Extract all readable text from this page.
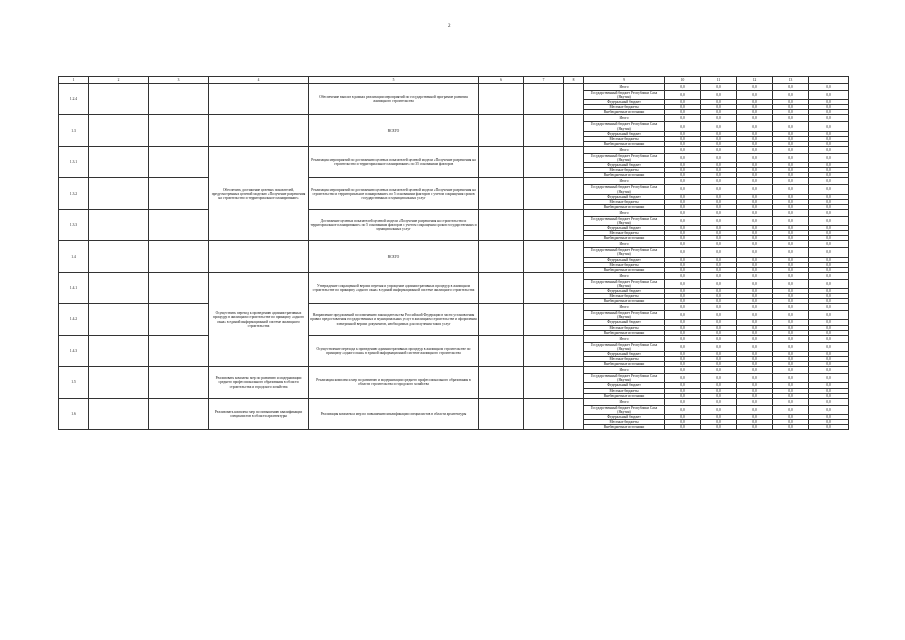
2
1	2	3	4	5	6	7	8	9	10	11	12	13	
1.2.4				Обеспечение выплат в рамках реализации мероприятий по государственной программе развития жилищного строительства				Итого	0,0	0,0	0,0	0,0	0,0
								Государственный бюджет Республики Саха (Якутия)	0,0	0,0	0,0	0,0	0,0
								Федеральный бюджет	0,0	0,0	0,0	0,0	0,0
								Местные бюджеты	0,0	0,0	0,0	0,0	0,0
								Внебюджетные источники	0,0	0,0	0,0	0,0	0,0
1.3				ВСЕГО				Итого	0,0	0,0	0,0	0,0	0,0
								Государственный бюджет Республики Саха (Якутия)	0,0	0,0	0,0	0,0	0,0
								Федеральный бюджет	0,0	0,0	0,0	0,0	0,0
								Местные бюджеты	0,0	0,0	0,0	0,0	0,0
								Внебюджетные источники	0,0	0,0	0,0	0,0	0,0
1.3.1			Обеспечить достижение целевых показателей, предусмотренных целевой моделью «Получение разрешения на строительство и территориальное планирование»	Реализация мероприятий по достижению целевых показателей целевой модели «Получение разрешения на строительство и территориальное планирование» по 35 основаниям факторов				Итого	0,0	0,0	0,0	0,0	0,0
								Государственный бюджет Республики Саха (Якутия)	0,0	0,0	0,0	0,0	0,0
								Федеральный бюджет	0,0	0,0	0,0	0,0	0,0
								Местные бюджеты	0,0	0,0	0,0	0,0	0,0
								Внебюджетные источники	0,0	0,0	0,0	0,0	0,0
1.3.2				Реализация мероприятий по достижению целевых показателей целевой модели «Получение разрешения на строительство и территориальное планирование» по 5 основаниям факторов с учетом сокращения сроков государственных и муниципальных услуг				Итого	0,0	0,0	0,0	0,0	0,0
								Государственный бюджет Республики Саха (Якутия)	0,0	0,0	0,0	0,0	0,0
								Федеральный бюджет	0,0	0,0	0,0	0,0	0,0
								Местные бюджеты	0,0	0,0	0,0	0,0	0,0
								Внебюджетные источники	0,0	0,0	0,0	0,0	0,0
1.3.3				Достижение целевых показателей целевой модели «Получение разрешения на строительство и территориальное планирование» по 5 основаниям факторов с учетом сокращения сроков государственных и муниципальных услуг				Итого	0,0	0,0	0,0	0,0	0,0
								Государственный бюджет Республики Саха (Якутия)	0,0	0,0	0,0	0,0	0,0
								Федеральный бюджет	0,0	0,0	0,0	0,0	0,0
								Местные бюджеты	0,0	0,0	0,0	0,0	0,0
								Внебюджетные источники	0,0	0,0	0,0	0,0	0,0
1.4				ВСЕГО				Итого	0,0	0,0	0,0	0,0	0,0
								Государственный бюджет Республики Саха (Якутия)	0,0	0,0	0,0	0,0	0,0
								Федеральный бюджет	0,0	0,0	0,0	0,0	0,0
								Местные бюджеты	0,0	0,0	0,0	0,0	0,0
								Внебюджетные источники	0,0	0,0	0,0	0,0	0,0
1.4.1			Осуществить переход к проведению административных процедур в жилищном строительстве по принципу «одного окна» в единой информационной системе жилищного строительства	Утверждение сокращенной версии перечня и упрощение административных процедур в жилищном строительстве по принципу «одного окна» в единой информационной системе жилищного строительства				Итого	0,0	0,0	0,0	0,0	0,0
								Государственный бюджет Республики Саха (Якутия)	0,0	0,0	0,0	0,0	0,0
								Федеральный бюджет	0,0	0,0	0,0	0,0	0,0
								Местные бюджеты	0,0	0,0	0,0	0,0	0,0
								Внебюджетные источники	0,0	0,0	0,0	0,0	0,0
1.4.2				Направление предложений по изменению законодательства Российской Федерации в части установления правил предоставления государственных и муниципальных услуг в жилищном строительстве и оформления электронной версии документов, необходимых для получения таких услуг				Итого	0,0	0,0	0,0	0,0	0,0
								Государственный бюджет Республики Саха (Якутия)	0,0	0,0	0,0	0,0	0,0
								Федеральный бюджет	0,0	0,0	0,0	0,0	0,0
								Местные бюджеты	0,0	0,0	0,0	0,0	0,0
								Внебюджетные источники	0,0	0,0	0,0	0,0	0,0
1.4.3				Осуществление перехода к проведению административных процедур в жилищном строительстве по принципу «одного окна» в единой информационной системе жилищного строительства				Итого	0,0	0,0	0,0	0,0	0,0
								Государственный бюджет Республики Саха (Якутия)	0,0	0,0	0,0	0,0	0,0
								Федеральный бюджет	0,0	0,0	0,0	0,0	0,0
								Местные бюджеты	0,0	0,0	0,0	0,0	0,0
								Внебюджетные источники	0,0	0,0	0,0	0,0	0,0
1.5			Реализовать комплекс мер по развитию и модернизации среднего профессионального образования в области строительства и городского хозяйства	Реализация комплекса мер по развитию и модернизации среднего профессионального образования в области строительства и городского хозяйства				Итого	0,0	0,0	0,0	0,0	0,0
								Государственный бюджет Республики Саха (Якутия)	0,0	0,0	0,0	0,0	0,0
								Федеральный бюджет	0,0	0,0	0,0	0,0	0,0
								Местные бюджеты	0,0	0,0	0,0	0,0	0,0
								Внебюджетные источники	0,0	0,0	0,0	0,0	0,0
1.6			Реализовать комплекс мер по повышению квалификации специалистов в области архитектуры	Реализация комплекса мер по повышению квалификации специалистов в области архитектуры				Итого	0,0	0,0	0,0	0,0	0,0
								Государственный бюджет Республики Саха (Якутия)	0,0	0,0	0,0	0,0	0,0
								Федеральный бюджет	0,0	0,0	0,0	0,0	0,0
								Местные бюджеты	0,0	0,0	0,0	0,0	0,0
								Внебюджетные источники	0,0	0,0	0,0	0,0	0,0
